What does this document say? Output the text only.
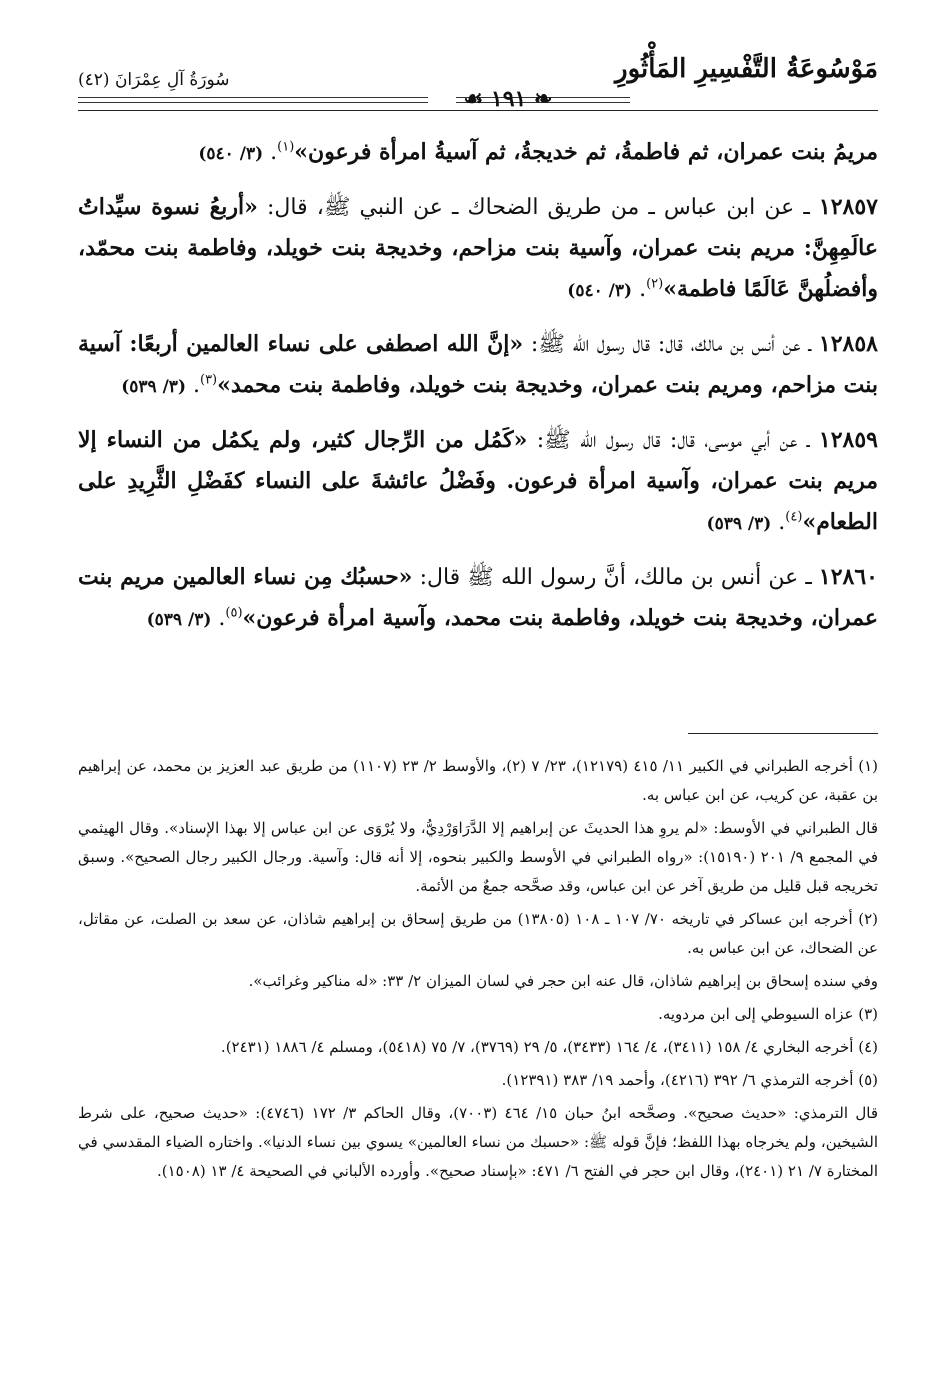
مَوْسُوعَةُ التَّفْسِيرِ المَأْثُورِ
❧ ١٩١ ☙
سُورَةُ آلِ عِمْرَانَ (٤٢)

مريمُ بنت عمران، ثم فاطمةُ، ثم خديجةُ، ثم آسيةُ امرأة فرعون»$^{(١)}$. (٣/ ٥٤٠)

١٢٨٥٧ ـ عن ابن عباس ـ من طريق الضحاك ـ عن النبي ﷺ، قال: «أربعُ نسوة سيِّداتُ عالَمِهِنَّ: مريم بنت عمران، وآسية بنت مزاحم، وخديجة بنت خويلد، وفاطمة بنت محمّد، وأفضلُهنَّ عَالَمًا فاطمة»$^{(٢)}$. (٣/ ٥٤٠)

١٢٨٥٨ ـ عن أنس بن مالك، قال: قال رسول الله ﷺ: «إنَّ الله اصطفى على نساء العالمين أربعًا: آسية بنت مزاحم، ومريم بنت عمران، وخديجة بنت خويلد، وفاطمة بنت محمد»$^{(٣)}$. (٣/ ٥٣٩)

١٢٨٥٩ ـ عن أبي موسى، قال: قال رسول الله ﷺ: «كَمُل من الرِّجال كثير، ولم يكمُل من النساء إلا مريم بنت عمران، وآسية امرأة فرعون. وفَضْلُ عائشةَ على النساء كفَضْلِ الثَّرِيدِ على الطعام»$^{(٤)}$. (٣/ ٥٣٩)

١٢٨٦٠ ـ عن أنس بن مالك، أنَّ رسول الله ﷺ قال: «حسبُك مِن نساء العالمين مريم بنت عمران، وخديجة بنت خويلد، وفاطمة بنت محمد، وآسية امرأة فرعون»$^{(٥)}$. (٣/ ٥٣٩)

(١) أخرجه الطبراني في الكبير ١١/ ٤١٥ (١٢١٧٩)، ٢٣/ ٧ (٢)، والأوسط ٢/ ٢٣ (١١٠٧) من طريق عبد العزيز بن محمد، عن إبراهيم بن عقبة، عن كريب، عن ابن عباس به.

قال الطبراني في الأوسط: «لم يروِ هذا الحديثَ عن إبراهيم إلا الدَّرَاوَرْدِيُّ، ولا يُرْوَى عن ابن عباس إلا بهذا الإسناد». وقال الهيثمي في المجمع ٩/ ٢٠١ (١٥١٩٠): «رواه الطبراني في الأوسط والكبير بنحوه، إلا أنه قال: وآسية. ورجال الكبير رجال الصحيح». وسبق تخريجه قبل قليل من طريق آخر عن ابن عباس، وقد صحَّحه جمعٌ من الأئمة.

(٢) أخرجه ابن عساكر في تاريخه ٧٠/ ١٠٧ ـ ١٠٨ (١٣٨٠٥) من طريق إسحاق بن إبراهيم شاذان، عن سعد بن الصلت، عن مقاتل، عن الضحاك، عن ابن عباس به.

وفي سنده إسحاق بن إبراهيم شاذان، قال عنه ابن حجر في لسان الميزان ٢/ ٣٣: «له مناكير وغرائب».

(٣) عزاه السيوطي إلى ابن مردويه.

(٤) أخرجه البخاري ٤/ ١٥٨ (٣٤١١)، ٤/ ١٦٤ (٣٤٣٣)، ٥/ ٢٩ (٣٧٦٩)، ٧/ ٧٥ (٥٤١٨)، ومسلم ٤/ ١٨٨٦ (٢٤٣١).

(٥) أخرجه الترمذي ٦/ ٣٩٢ (٤٢١٦)، وأحمد ١٩/ ٣٨٣ (١٢٣٩١).

قال الترمذي: «حديث صحيح». وصحَّحه ابنُ حبان ١٥/ ٤٦٤ (٧٠٠٣)، وقال الحاكم ٣/ ١٧٢ (٤٧٤٦): «حديث صحيح، على شرط الشيخين، ولم يخرجاه بهذا اللفظ؛ فإنَّ قوله ﷺ: «حسبك من نساء العالمين» يسوي بين نساء الدنيا». واختاره الضياء المقدسي في المختارة ٧/ ٢١ (٢٤٠١)، وقال ابن حجر في الفتح ٦/ ٤٧١: «بإسناد صحيح». وأورده الألباني في الصحيحة ٤/ ١٣ (١٥٠٨).
